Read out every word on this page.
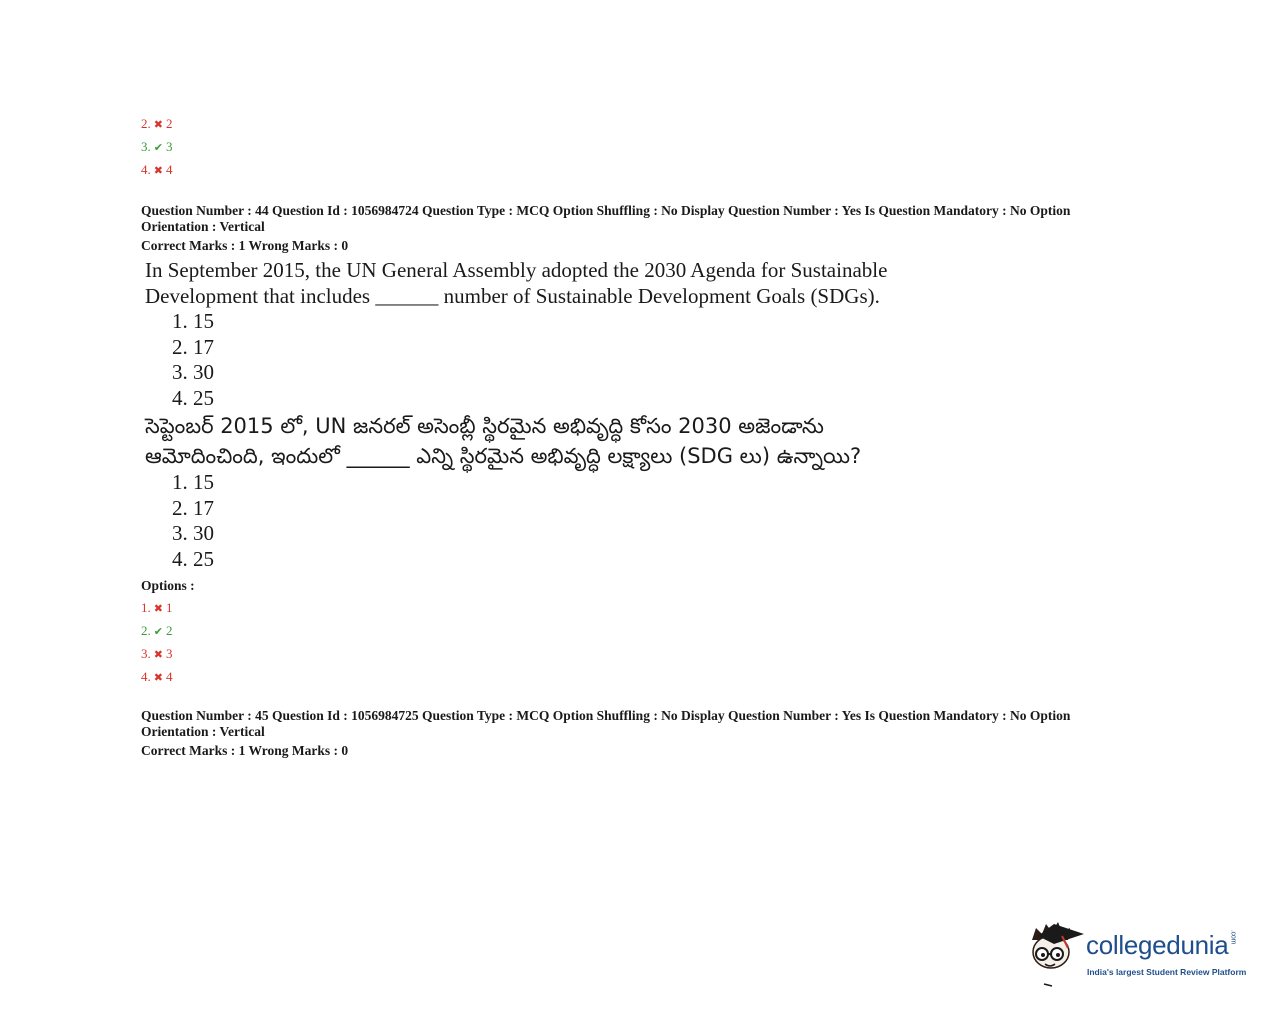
2. ✖ 2
3. ✔ 3
4. ✖ 4
Question Number : 44 Question Id : 1056984724 Question Type : MCQ Option Shuffling : No Display Question Number : Yes Is Question Mandatory : No Option
Orientation : Vertical
Correct Marks : 1 Wrong Marks : 0
In September 2015, the UN General Assembly adopted the 2030 Agenda for Sustainable
Development that includes ______ number of Sustainable Development Goals (SDGs).
1. 15
2. 17
3. 30
4. 25
సెప్టెంబర్ 2015 లో, UN జనరల్ అసెంబ్లీ స్థిరమైన అభివృద్ధి కోసం 2030 అజెండాను
ఆమోదించింది, ఇందులో ______ ఎన్ని స్థిరమైన అభివృద్ధి లక్ష్యాలు (SDG లు) ఉన్నాయి?
1. 15
2. 17
3. 30
4. 25
Options :
1. ✖ 1
2. ✔ 2
3. ✖ 3
4. ✖ 4
Question Number : 45 Question Id : 1056984725 Question Type : MCQ Option Shuffling : No Display Question Number : Yes Is Question Mandatory : No Option
Orientation : Vertical
Correct Marks : 1 Wrong Marks : 0
collegedunia.com
India's largest Student Review Platform
